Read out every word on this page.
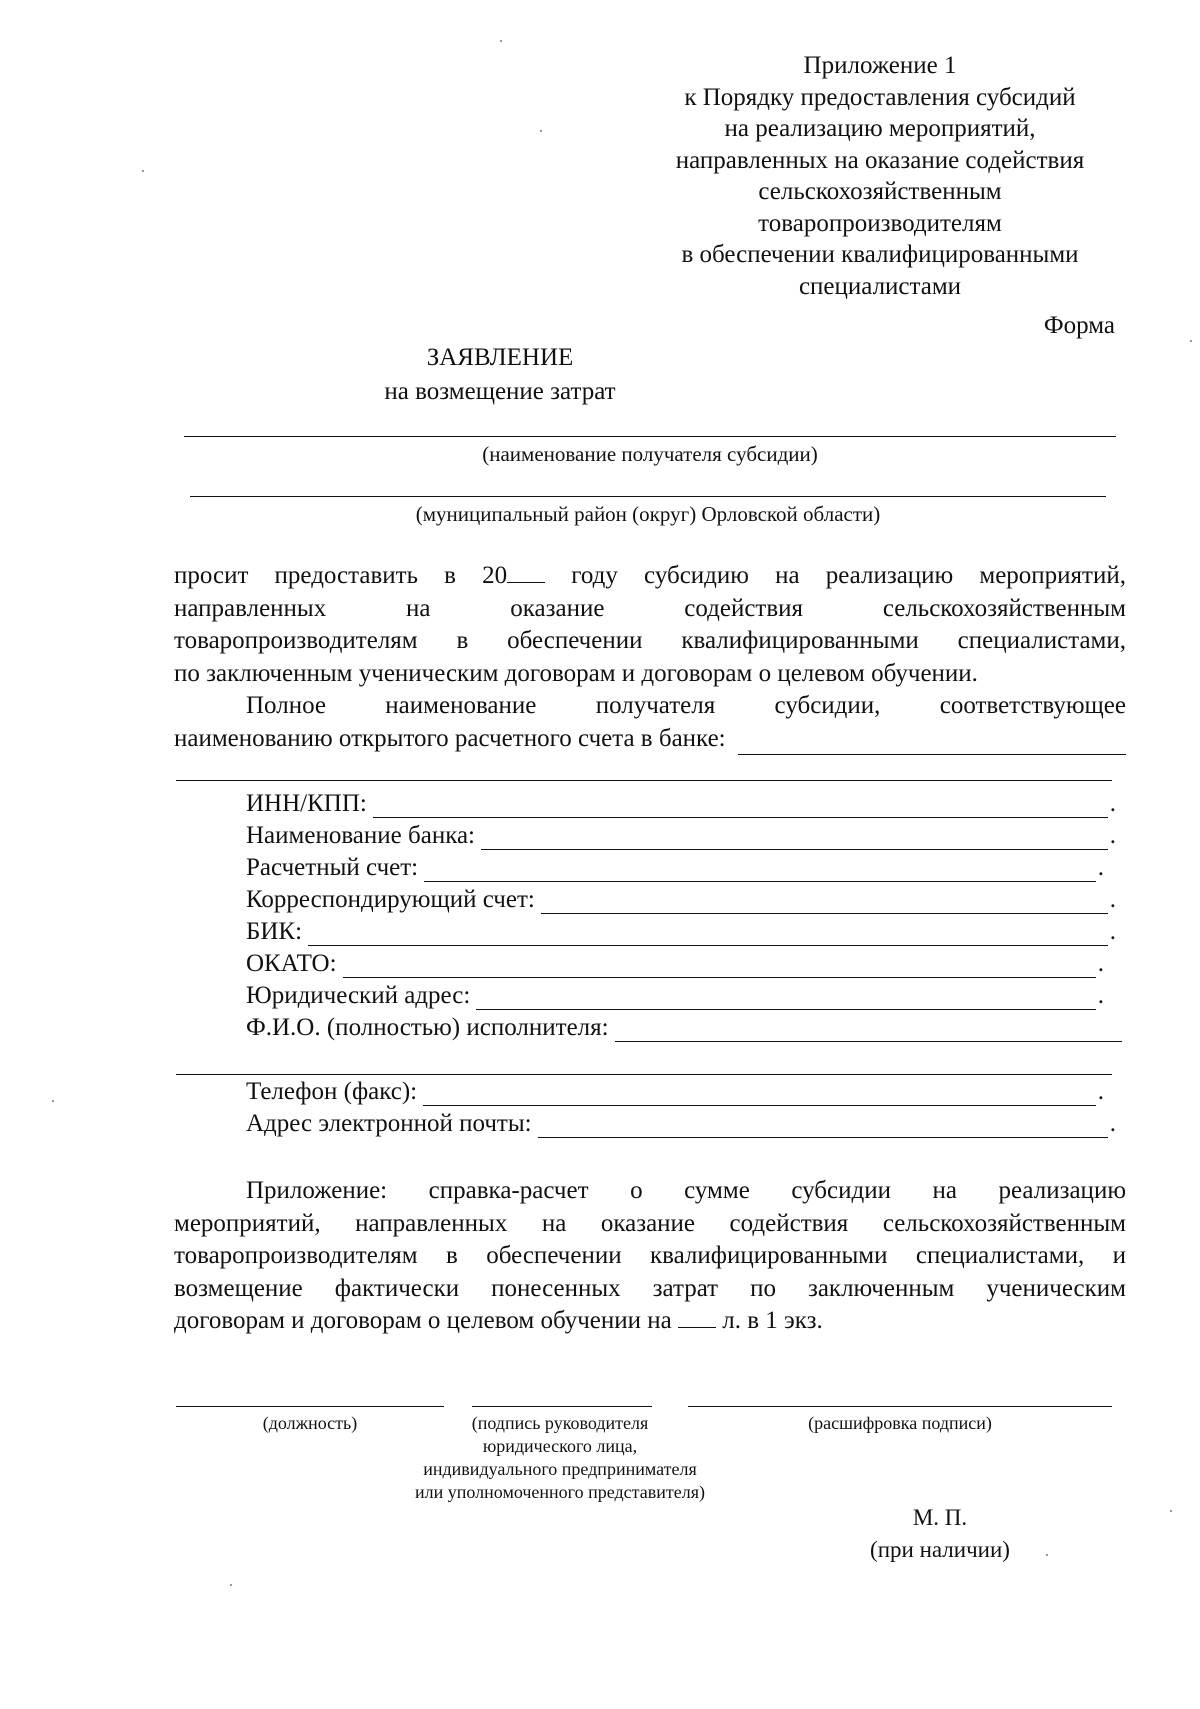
Приложение 1
к Порядку предоставления субсидий
на реализацию мероприятий,
направленных на оказание содействия
сельскохозяйственным
товаропроизводителям
в обеспечении квалифицированными
специалистами
Форма
ЗАЯВЛЕНИЕ
на возмещение затрат
(наименование получателя субсидии)
(муниципальный район (округ) Орловской области)
просит предоставить в 20	году субсидию на реализацию мероприятий,
направленных на оказание содействия сельскохозяйственным
товаропроизводителям в обеспечении квалифицированными специалистами,
по заключенным ученическим договорам и договорам о целевом обучении.
Полное наименование получателя субсидии, соответствующее
наименованию открытого расчетного счета в банке:
ИНН/КПП:	.
Наименование банка:	.
Расчетный счет:	.
Корреспондирующий счет:	.
БИК:	.
ОКАТО:	.
Юридический адрес:	.
Ф.И.О. (полностью) исполнителя:
Телефон (факс):	.
Адрес электронной почты:	.
Приложение: справка-расчет о сумме субсидии на реализацию
мероприятий, направленных на оказание содействия сельскохозяйственным
товаропроизводителям в обеспечении квалифицированными специалистами, и
возмещение фактически понесенных затрат по заключенным ученическим
договорам и договорам о целевом обучении на л. в 1 экз.
(должность)	(подпись руководителя
юридического лица,
индивидуального предпринимателя
или уполномоченного представителя)
(расшифровка подписи)
М. П.
(при наличии)
